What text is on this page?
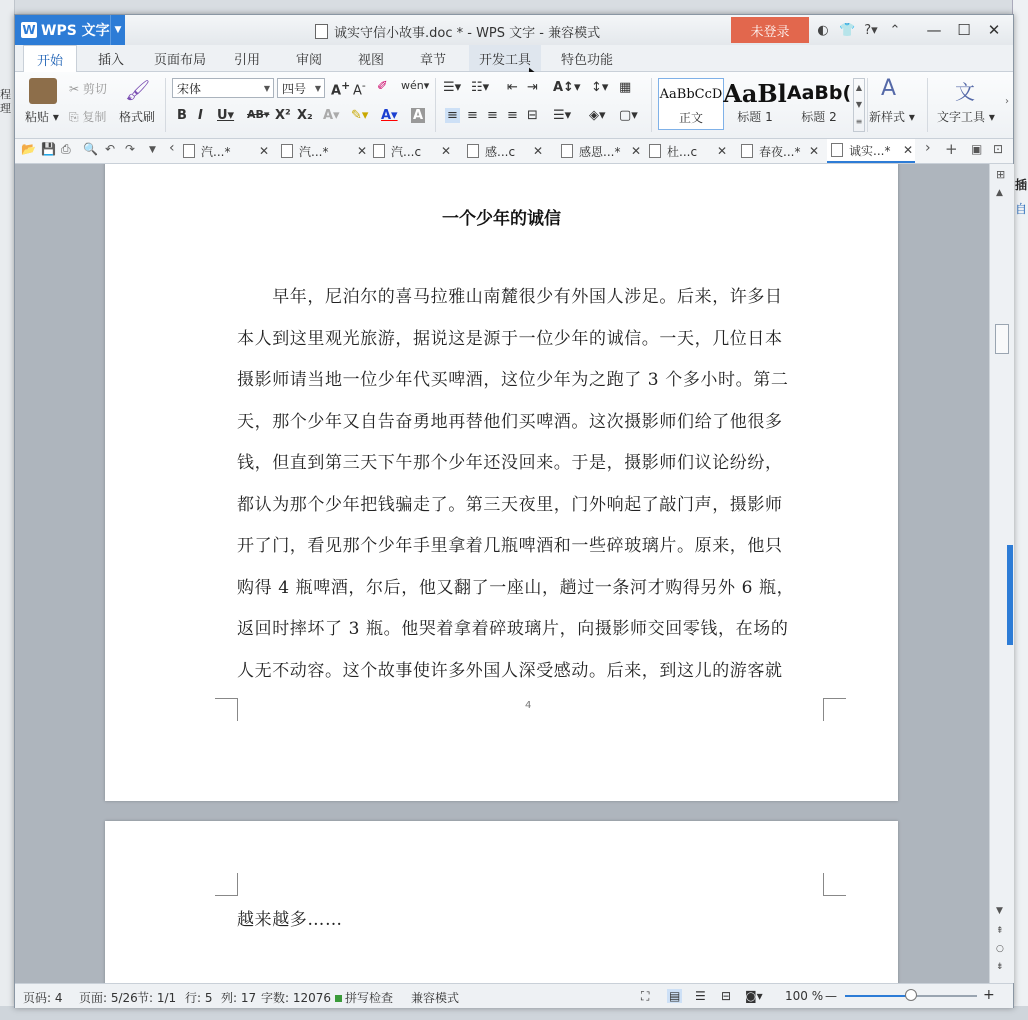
程
理
插
自
W WPS 文字 ▼	诚实守信小故事.doc * - WPS 文字 - 兼容模式	未登录	◐ 👕 ?▾ ⌃	—	☐	✕
开始	插入	页面布局	引用	审阅	视图	章节	开发工具	特色功能
粘贴 ▾
✂ 剪切
⎘ 复制
🖌
格式刷
宋体	▼ 四号 ▼ A+ A- ✐ wén▾
B I U▾ AB▾ X² X₂ A▾ ✎▾ A▾ A
☰▾ ☷▾ ⇤ ⇥ A↕▾ ↕▾ ▦
≡ ≡ ≡ ≡ ⊟ ☰▾ ◈▾ ▢▾
AaBbCcD
正文
AaBl
标题 1
AaBb(
标题 2
▲
▼
≡
A
新样式 ▾
文
文字工具 ▾
›
📂 💾 ⎙ 🔍 ↶ ↷ ▼ ‹ 汽...* ✕ 汽...* ✕ 汽...c ✕	感...c ✕	感恩...* ✕ 杜...c ✕	春夜...* ✕ 诚实...* ✕ › + ▣ ⊡
一个少年的诚信
　　早年，尼泊尔的喜马拉雅山南麓很少有外国人涉足。后来，许多日
本人到这里观光旅游，据说这是源于一位少年的诚信。一天，几位日本
摄影师请当地一位少年代买啤酒，这位少年为之跑了 3 个多小时。第二
天，那个少年又自告奋勇地再替他们买啤酒。这次摄影师们给了他很多
钱，但直到第三天下午那个少年还没回来。于是，摄影师们议论纷纷，
都认为那个少年把钱骗走了。第三天夜里，门外响起了敲门声，摄影师
开了门，看见那个少年手里拿着几瓶啤酒和一些碎玻璃片。原来，他只
购得 4 瓶啤酒，尔后，他又翻了一座山，趟过一条河才购得另外 6 瓶，
返回时摔坏了 3 瓶。他哭着拿着碎玻璃片，向摄影师交回零钱，在场的
人无不动容。这个故事使许多外国人深受感动。后来，到这儿的游客就
4
越来越多……
⊞
▲
▼
⇞
○
⇟
页码: 4 页面: 5/26 节: 1/1 行: 5 列: 17 字数: 12076	拼写检查 兼容模式	⛶ ▤ ☰ ⊟ ◙▾ 100 % —	+
